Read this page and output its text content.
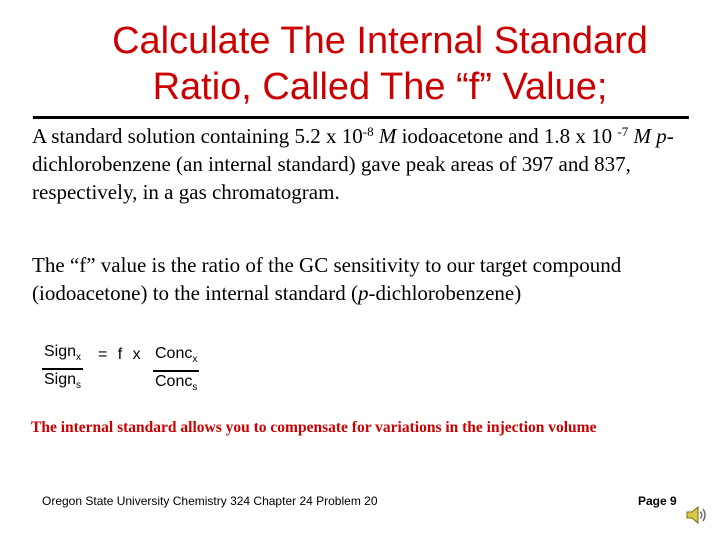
Calculate The Internal Standard
Ratio, Called The “f” Value;
A standard solution containing 5.2 x $10^{-8}$ M iodoacetone and 1.8 x 10 $^{-7}$ M p-dichlorobenzene (an internal standard) gave peak areas of 397 and 837, respectively, in a gas chromatogram.
The “f” value is the ratio of the GC sensitivity to our target compound (iodoacetone) to the internal standard (p-dichlorobenzene)
Sign$_x$
Sign$_s$
= f x Conc$_x$
Conc$_s$
The internal standard allows you to compensate for variations in the injection volume
Oregon State University Chemistry 324 Chapter 24 Problem 20	Page 9
